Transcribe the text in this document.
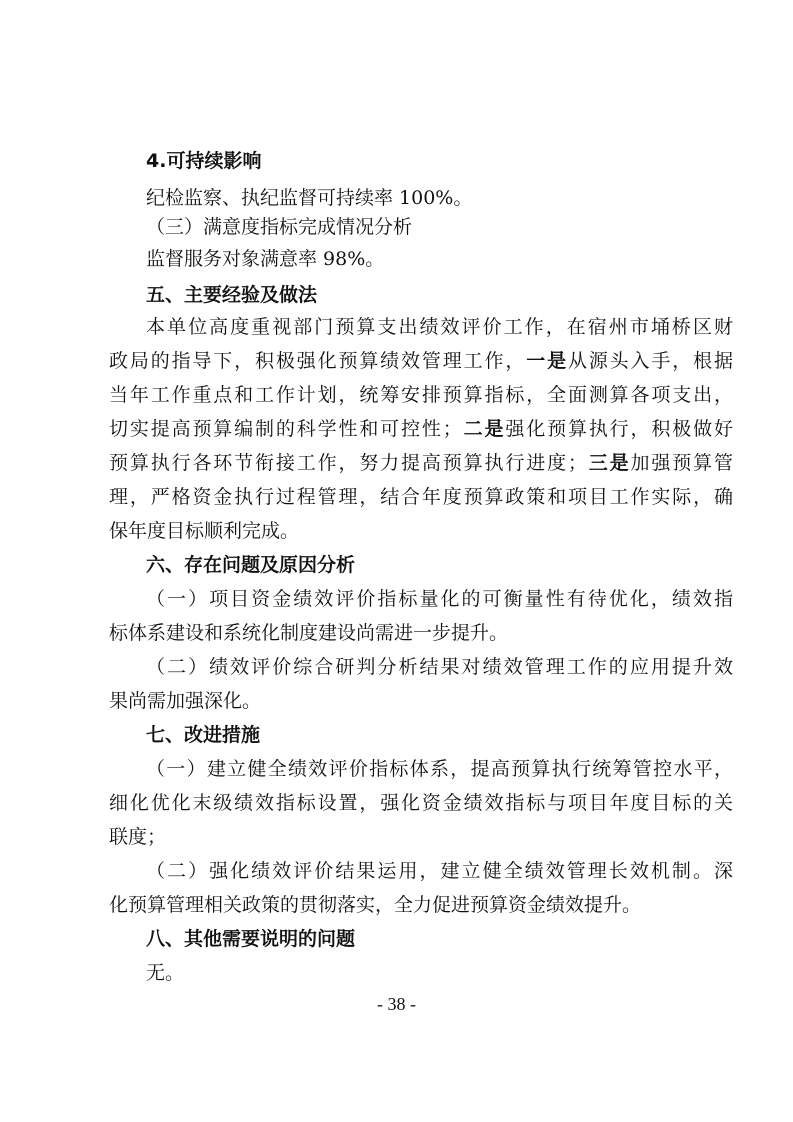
4.可持续影响
纪检监察、执纪监督可持续率 100%。
（三）满意度指标完成情况分析
监督服务对象满意率 98%。
五、主要经验及做法
本单位高度重视部门预算支出绩效评价工作，在宿州市埇桥区财
政局的指导下，积极强化预算绩效管理工作，一是从源头入手，根据
当年工作重点和工作计划，统筹安排预算指标，全面测算各项支出，
切实提高预算编制的科学性和可控性；二是强化预算执行，积极做好
预算执行各环节衔接工作，努力提高预算执行进度；三是加强预算管
理，严格资金执行过程管理，结合年度预算政策和项目工作实际，确
保年度目标顺利完成。
六、存在问题及原因分析
（一）项目资金绩效评价指标量化的可衡量性有待优化，绩效指
标体系建设和系统化制度建设尚需进一步提升。
（二）绩效评价综合研判分析结果对绩效管理工作的应用提升效
果尚需加强深化。
七、改进措施
（一）建立健全绩效评价指标体系，提高预算执行统筹管控水平，
细化优化末级绩效指标设置，强化资金绩效指标与项目年度目标的关
联度；
（二）强化绩效评价结果运用，建立健全绩效管理长效机制。深
化预算管理相关政策的贯彻落实，全力促进预算资金绩效提升。
八、其他需要说明的问题
无。
- 38 -
